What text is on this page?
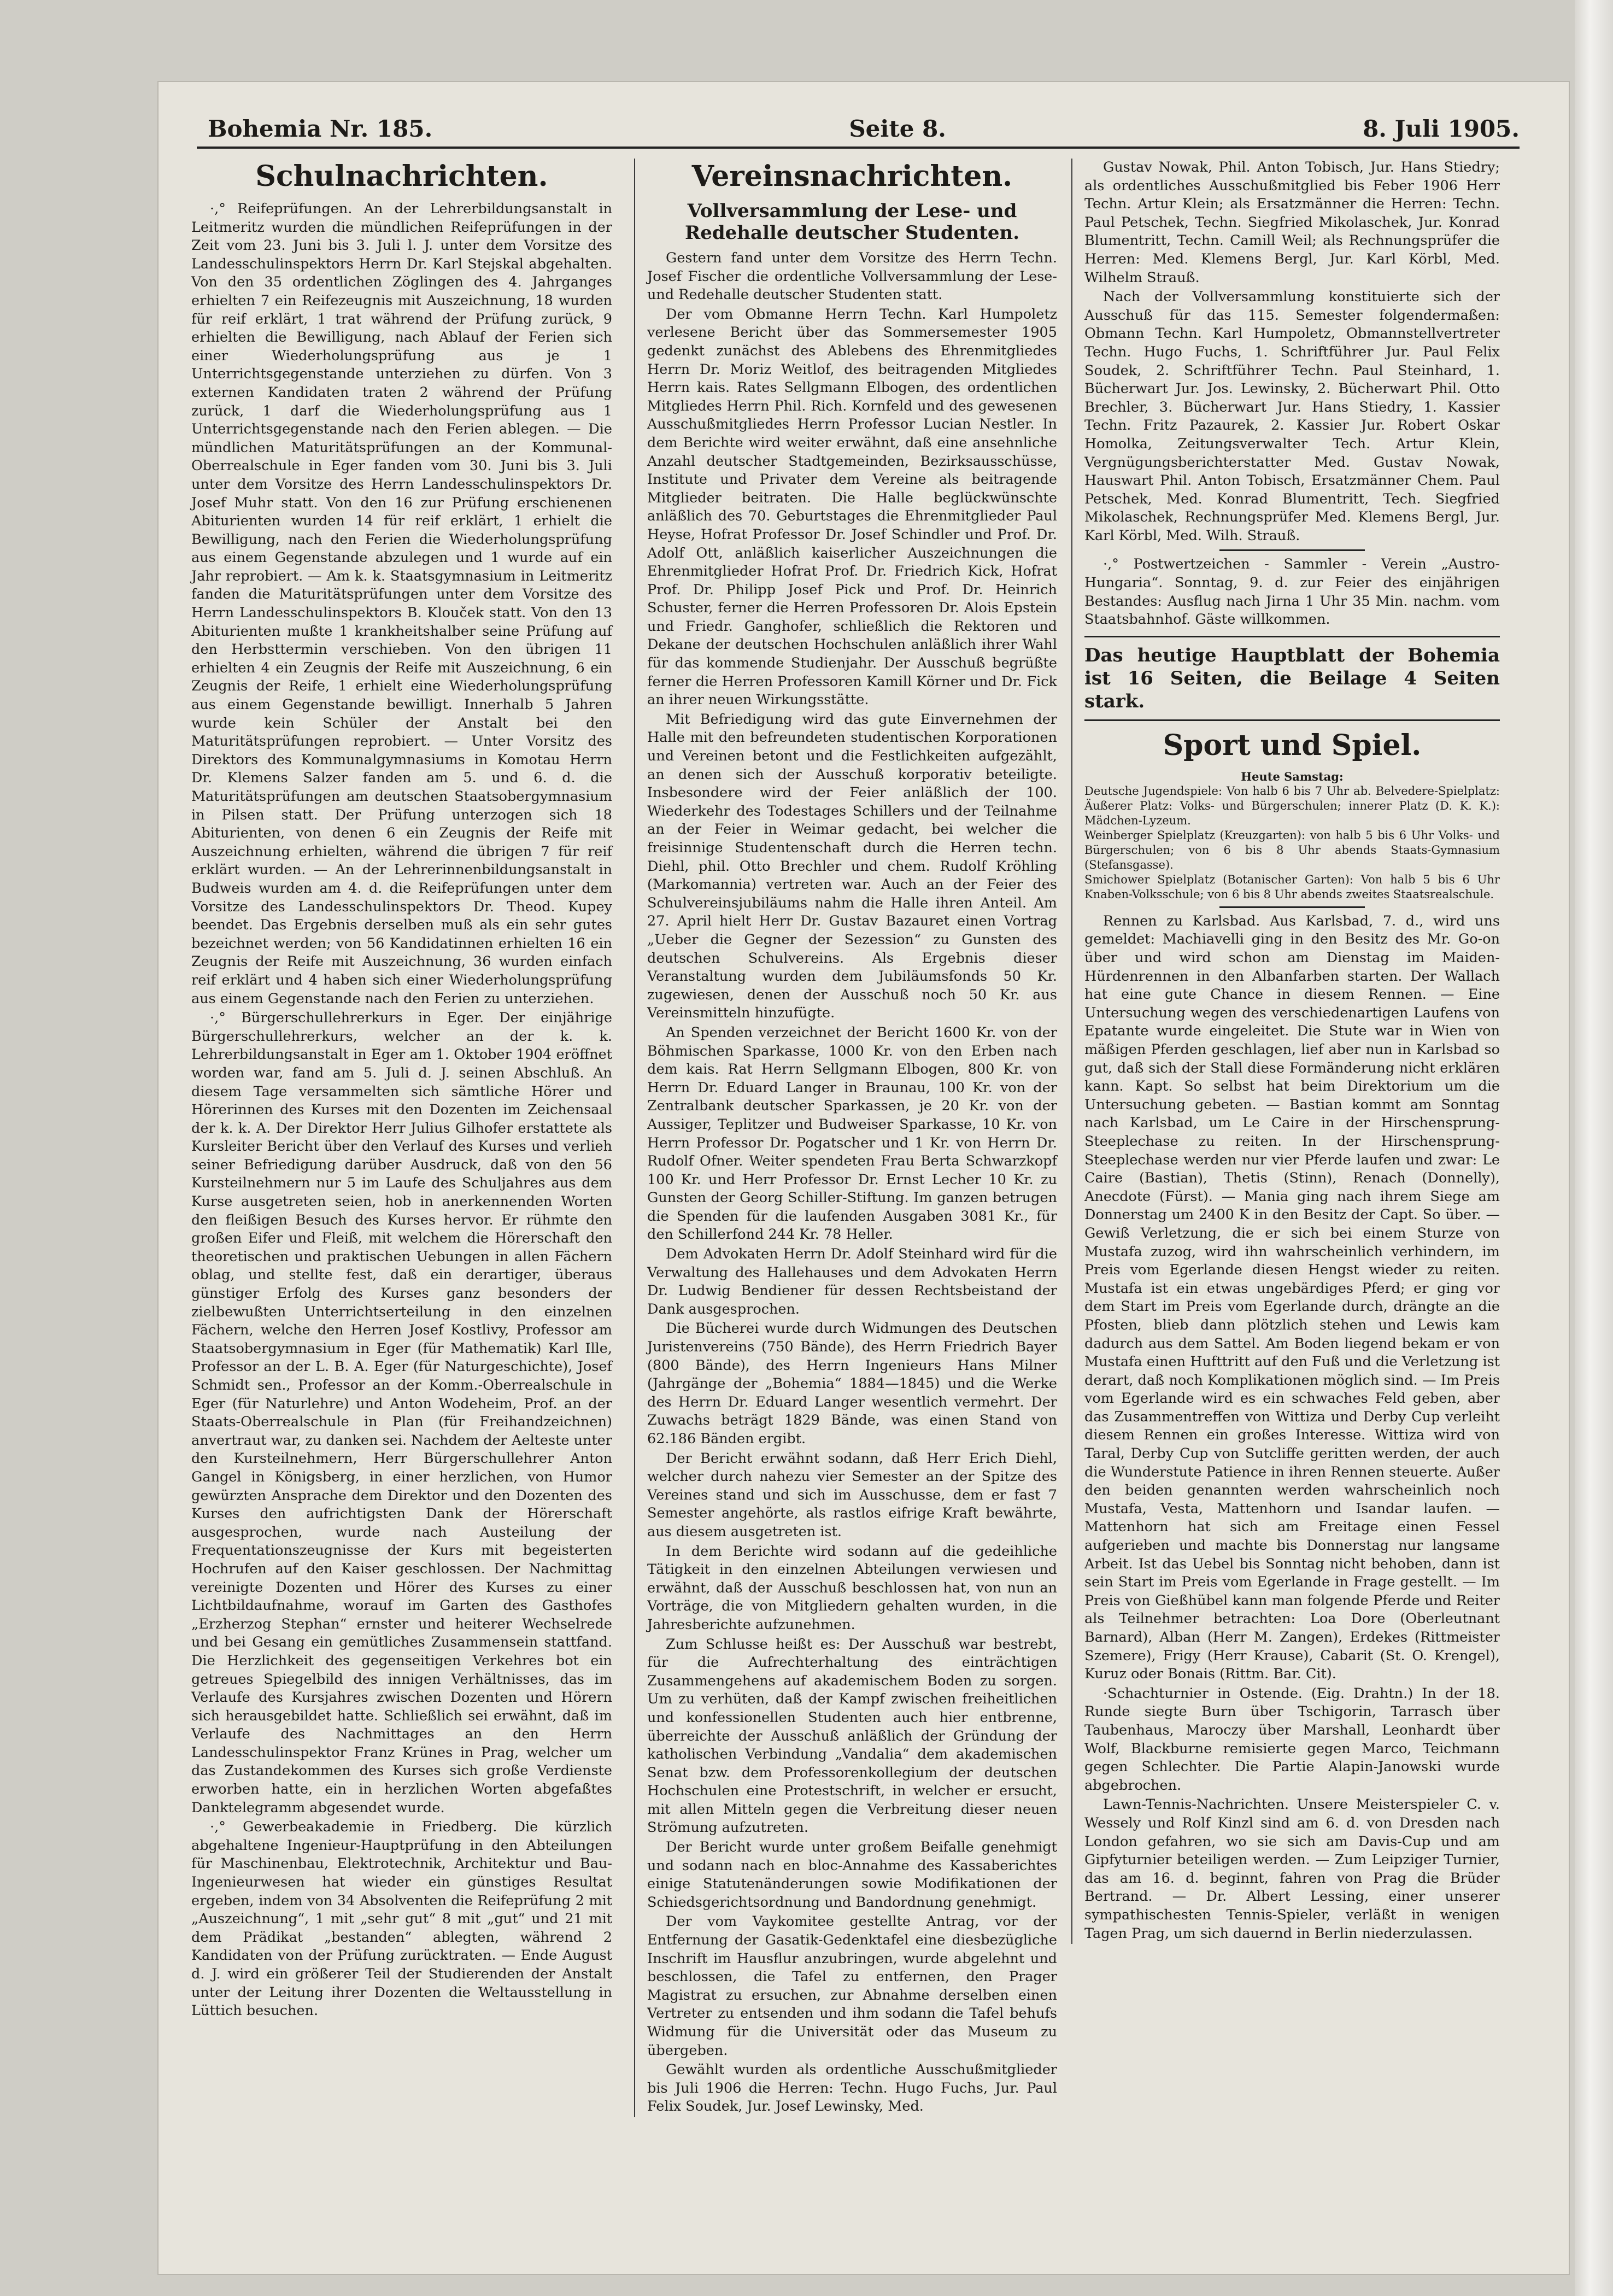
Bohemia Nr. 185.	Seite 8.	8. Juli 1905.

Schulnachrichten.

·,° Reifeprüfungen. An der Lehrerbildungsanstalt in Leitmeritz wurden die mündlichen Reifeprüfungen in der Zeit vom 23. Juni bis 3. Juli l. J. unter dem Vorsitze des Landesschulinspektors Herrn Dr. Karl Stejskal abgehalten. Von den 35 ordentlichen Zöglingen des 4. Jahrganges erhielten 7 ein Reifezeugnis mit Auszeichnung, 18 wurden für reif erklärt, 1 trat während der Prüfung zurück, 9 erhielten die Bewilligung, nach Ablauf der Ferien sich einer Wiederholungsprüfung aus je 1 Unterrichtsgegenstande unterziehen zu dürfen. Von 3 externen Kandidaten traten 2 während der Prüfung zurück, 1 darf die Wiederholungsprüfung aus 1 Unterrichtsgegenstande nach den Ferien ablegen. — Die mündlichen Maturitätsprüfungen an der Kommunal-Oberrealschule in Eger fanden vom 30. Juni bis 3. Juli unter dem Vorsitze des Herrn Landesschulinspektors Dr. Josef Muhr statt. Von den 16 zur Prüfung erschienenen Abiturienten wurden 14 für reif erklärt, 1 erhielt die Bewilligung, nach den Ferien die Wiederholungsprüfung aus einem Gegenstande abzulegen und 1 wurde auf ein Jahr reprobiert. — Am k. k. Staatsgymnasium in Leitmeritz fanden die Maturitätsprüfungen unter dem Vorsitze des Herrn Landesschulinspektors B. Klouček statt. Von den 13 Abiturienten mußte 1 krankheitshalber seine Prüfung auf den Herbsttermin verschieben. Von den übrigen 11 erhielten 4 ein Zeugnis der Reife mit Auszeichnung, 6 ein Zeugnis der Reife, 1 erhielt eine Wiederholungsprüfung aus einem Gegenstande bewilligt. Innerhalb 5 Jahren wurde kein Schüler der Anstalt bei den Maturitätsprüfungen reprobiert. — Unter Vorsitz des Direktors des Kommunalgymnasiums in Komotau Herrn Dr. Klemens Salzer fanden am 5. und 6. d. die Maturitätsprüfungen am deutschen Staatsobergymnasium in Pilsen statt. Der Prüfung unterzogen sich 18 Abiturienten, von denen 6 ein Zeugnis der Reife mit Auszeichnung erhielten, während die übrigen 7 für reif erklärt wurden. — An der Lehrerinnenbildungsanstalt in Budweis wurden am 4. d. die Reifeprüfungen unter dem Vorsitze des Landesschulinspektors Dr. Theod. Kupey beendet. Das Ergebnis derselben muß als ein sehr gutes bezeichnet werden; von 56 Kandidatinnen erhielten 16 ein Zeugnis der Reife mit Auszeichnung, 36 wurden einfach reif erklärt und 4 haben sich einer Wiederholungsprüfung aus einem Gegenstande nach den Ferien zu unterziehen.

·,° Bürgerschullehrerkurs in Eger. Der einjährige Bürgerschullehrerkurs, welcher an der k. k. Lehrerbildungsanstalt in Eger am 1. Oktober 1904 eröffnet worden war, fand am 5. Juli d. J. seinen Abschluß. An diesem Tage versammelten sich sämtliche Hörer und Hörerinnen des Kurses mit den Dozenten im Zeichensaal der k. k. A. Der Direktor Herr Julius Gilhofer erstattete als Kursleiter Bericht über den Verlauf des Kurses und verlieh seiner Befriedigung darüber Ausdruck, daß von den 56 Kursteilnehmern nur 5 im Laufe des Schuljahres aus dem Kurse ausgetreten seien, hob in anerkennenden Worten den fleißigen Besuch des Kurses hervor. Er rühmte den großen Eifer und Fleiß, mit welchem die Hörerschaft den theoretischen und praktischen Uebungen in allen Fächern oblag, und stellte fest, daß ein derartiger, überaus günstiger Erfolg des Kurses ganz besonders der zielbewußten Unterrichtserteilung in den einzelnen Fächern, welche den Herren Josef Kostlivy, Professor am Staatsobergymnasium in Eger (für Mathematik) Karl Ille, Professor an der L. B. A. Eger (für Naturgeschichte), Josef Schmidt sen., Professor an der Komm.-Oberrealschule in Eger (für Naturlehre) und Anton Wodeheim, Prof. an der Staats-Oberrealschule in Plan (für Freihandzeichnen) anvertraut war, zu danken sei. Nachdem der Aelteste unter den Kursteilnehmern, Herr Bürgerschullehrer Anton Gangel in Königsberg, in einer herzlichen, von Humor gewürzten Ansprache dem Direktor und den Dozenten des Kurses den aufrichtigsten Dank der Hörerschaft ausgesprochen, wurde nach Austeilung der Frequentationszeugnisse der Kurs mit begeisterten Hochrufen auf den Kaiser geschlossen. Der Nachmittag vereinigte Dozenten und Hörer des Kurses zu einer Lichtbildaufnahme, worauf im Garten des Gasthofes „Erzherzog Stephan“ ernster und heiterer Wechselrede und bei Gesang ein gemütliches Zusammensein stattfand. Die Herzlichkeit des gegenseitigen Verkehres bot ein getreues Spiegelbild des innigen Verhältnisses, das im Verlaufe des Kursjahres zwischen Dozenten und Hörern sich herausgebildet hatte. Schließlich sei erwähnt, daß im Verlaufe des Nachmittages an den Herrn Landesschulinspektor Franz Krünes in Prag, welcher um das Zustandekommen des Kurses sich große Verdienste erworben hatte, ein in herzlichen Worten abgefaßtes Danktelegramm abgesendet wurde.

·,° Gewerbeakademie in Friedberg. Die kürzlich abgehaltene Ingenieur-Hauptprüfung in den Abteilungen für Maschinenbau, Elektrotechnik, Architektur und Bau-Ingenieurwesen hat wieder ein günstiges Resultat ergeben, indem von 34 Absolventen die Reifeprüfung 2 mit „Auszeichnung“, 1 mit „sehr gut“ 8 mit „gut“ und 21 mit dem Prädikat „bestanden“ ablegten, während 2 Kandidaten von der Prüfung zurücktraten. — Ende August d. J. wird ein größerer Teil der Studierenden der Anstalt unter der Leitung ihrer Dozenten die Weltausstellung in Lüttich besuchen.

Vereinsnachrichten.

Vollversammlung der Lese- und Redehalle deutscher Studenten.

Gestern fand unter dem Vorsitze des Herrn Techn. Josef Fischer die ordentliche Vollversammlung der Lese- und Redehalle deutscher Studenten statt.

Der vom Obmanne Herrn Techn. Karl Humpoletz verlesene Bericht über das Sommersemester 1905 gedenkt zunächst des Ablebens des Ehrenmitgliedes Herrn Dr. Moriz Weitlof, des beitragenden Mitgliedes Herrn kais. Rates Sellgmann Elbogen, des ordentlichen Mitgliedes Herrn Phil. Rich. Kornfeld und des gewesenen Ausschußmitgliedes Herrn Professor Lucian Nestler. In dem Berichte wird weiter erwähnt, daß eine ansehnliche Anzahl deutscher Stadtgemeinden, Bezirksausschüsse, Institute und Privater dem Vereine als beitragende Mitglieder beitraten. Die Halle beglückwünschte anläßlich des 70. Geburtstages die Ehrenmitglieder Paul Heyse, Hofrat Professor Dr. Josef Schindler und Prof. Dr. Adolf Ott, anläßlich kaiserlicher Auszeichnungen die Ehrenmitglieder Hofrat Prof. Dr. Friedrich Kick, Hofrat Prof. Dr. Philipp Josef Pick und Prof. Dr. Heinrich Schuster, ferner die Herren Professoren Dr. Alois Epstein und Friedr. Ganghofer, schließlich die Rektoren und Dekane der deutschen Hochschulen anläßlich ihrer Wahl für das kommende Studienjahr. Der Ausschuß begrüßte ferner die Herren Professoren Kamill Körner und Dr. Fick an ihrer neuen Wirkungsstätte.

Mit Befriedigung wird das gute Einvernehmen der Halle mit den befreundeten studentischen Korporationen und Vereinen betont und die Festlichkeiten aufgezählt, an denen sich der Ausschuß korporativ beteiligte. Insbesondere wird der Feier anläßlich der 100. Wiederkehr des Todestages Schillers und der Teilnahme an der Feier in Weimar gedacht, bei welcher die freisinnige Studentenschaft durch die Herren techn. Diehl, phil. Otto Brechler und chem. Rudolf Kröhling (Markomannia) vertreten war. Auch an der Feier des Schulvereinsjubiläums nahm die Halle ihren Anteil. Am 27. April hielt Herr Dr. Gustav Bazauret einen Vortrag „Ueber die Gegner der Sezession“ zu Gunsten des deutschen Schulvereins. Als Ergebnis dieser Veranstaltung wurden dem Jubiläumsfonds 50 Kr. zugewiesen, denen der Ausschuß noch 50 Kr. aus Vereinsmitteln hinzufügte.

An Spenden verzeichnet der Bericht 1600 Kr. von der Böhmischen Sparkasse, 1000 Kr. von den Erben nach dem kais. Rat Herrn Sellgmann Elbogen, 800 Kr. von Herrn Dr. Eduard Langer in Braunau, 100 Kr. von der Zentralbank deutscher Sparkassen, je 20 Kr. von der Aussiger, Teplitzer und Budweiser Sparkasse, 10 Kr. von Herrn Professor Dr. Pogatscher und 1 Kr. von Herrn Dr. Rudolf Ofner. Weiter spendeten Frau Berta Schwarzkopf 100 Kr. und Herr Professor Dr. Ernst Lecher 10 Kr. zu Gunsten der Georg Schiller-Stiftung. Im ganzen betrugen die Spenden für die laufenden Ausgaben 3081 Kr., für den Schillerfond 244 Kr. 78 Heller.

Dem Advokaten Herrn Dr. Adolf Steinhard wird für die Verwaltung des Hallehauses und dem Advokaten Herrn Dr. Ludwig Bendiener für dessen Rechtsbeistand der Dank ausgesprochen.

Die Bücherei wurde durch Widmungen des Deutschen Juristenvereins (750 Bände), des Herrn Friedrich Bayer (800 Bände), des Herrn Ingenieurs Hans Milner (Jahrgänge der „Bohemia“ 1884—1845) und die Werke des Herrn Dr. Eduard Langer wesentlich vermehrt. Der Zuwachs beträgt 1829 Bände, was einen Stand von 62.186 Bänden ergibt.

Der Bericht erwähnt sodann, daß Herr Erich Diehl, welcher durch nahezu vier Semester an der Spitze des Vereines stand und sich im Ausschusse, dem er fast 7 Semester angehörte, als rastlos eifrige Kraft bewährte, aus diesem ausgetreten ist.

In dem Berichte wird sodann auf die gedeihliche Tätigkeit in den einzelnen Abteilungen verwiesen und erwähnt, daß der Ausschuß beschlossen hat, von nun an Vorträge, die von Mitgliedern gehalten wurden, in die Jahresberichte aufzunehmen.

Zum Schlusse heißt es: Der Ausschuß war bestrebt, für die Aufrechterhaltung des einträchtigen Zusammengehens auf akademischem Boden zu sorgen. Um zu verhüten, daß der Kampf zwischen freiheitlichen und konfessionellen Studenten auch hier entbrenne, überreichte der Ausschuß anläßlich der Gründung der katholischen Verbindung „Vandalia“ dem akademischen Senat bzw. dem Professorenkollegium der deutschen Hochschulen eine Protestschrift, in welcher er ersucht, mit allen Mitteln gegen die Verbreitung dieser neuen Strömung aufzutreten.

Der Bericht wurde unter großem Beifalle genehmigt und sodann nach en bloc-Annahme des Kassaberichtes einige Statutenänderungen sowie Modifikationen der Schiedsgerichtsordnung und Bandordnung genehmigt.

Der vom Vaykomitee gestellte Antrag, vor der Entfernung der Gasatik-Gedenktafel eine diesbezügliche Inschrift im Hausflur anzubringen, wurde abgelehnt und beschlossen, die Tafel zu entfernen, den Prager Magistrat zu ersuchen, zur Abnahme derselben einen Vertreter zu entsenden und ihm sodann die Tafel behufs Widmung für die Universität oder das Museum zu übergeben.

Gewählt wurden als ordentliche Ausschußmitglieder bis Juli 1906 die Herren: Techn. Hugo Fuchs, Jur. Paul Felix Soudek, Jur. Josef Lewinsky, Med.

Gustav Nowak, Phil. Anton Tobisch, Jur. Hans Stiedry; als ordentliches Ausschußmitglied bis Feber 1906 Herr Techn. Artur Klein; als Ersatzmänner die Herren: Techn. Paul Petschek, Techn. Siegfried Mikolaschek, Jur. Konrad Blumentritt, Techn. Camill Weil; als Rechnungsprüfer die Herren: Med. Klemens Bergl, Jur. Karl Körbl, Med. Wilhelm Strauß.

Nach der Vollversammlung konstituierte sich der Ausschuß für das 115. Semester folgendermaßen: Obmann Techn. Karl Humpoletz, Obmannstellvertreter Techn. Hugo Fuchs, 1. Schriftführer Jur. Paul Felix Soudek, 2. Schriftführer Techn. Paul Steinhard, 1. Bücherwart Jur. Jos. Lewinsky, 2. Bücherwart Phil. Otto Brechler, 3. Bücherwart Jur. Hans Stiedry, 1. Kassier Techn. Fritz Pazaurek, 2. Kassier Jur. Robert Oskar Homolka, Zeitungsverwalter Tech. Artur Klein, Vergnügungsberichterstatter Med. Gustav Nowak, Hauswart Phil. Anton Tobisch, Ersatzmänner Chem. Paul Petschek, Med. Konrad Blumentritt, Tech. Siegfried Mikolaschek, Rechnungsprüfer Med. Klemens Bergl, Jur. Karl Körbl, Med. Wilh. Strauß.

·,° Postwertzeichen - Sammler - Verein „Austro-Hungaria“. Sonntag, 9. d. zur Feier des einjährigen Bestandes: Ausflug nach Jirna 1 Uhr 35 Min. nachm. vom Staatsbahnhof. Gäste willkommen.

Das heutige Hauptblatt der Bohemia ist 16 Seiten, die Beilage 4 Seiten stark.

Sport und Spiel.

Heute Samstag:

Deutsche Jugendspiele: Von halb 6 bis 7 Uhr ab. Belvedere-Spielplatz: Äußerer Platz: Volks- und Bürgerschulen; innerer Platz (D. K. K.): Mädchen-Lyzeum.

Weinberger Spielplatz (Kreuzgarten): von halb 5 bis 6 Uhr Volks- und Bürgerschulen; von 6 bis 8 Uhr abends Staats-Gymnasium (Stefansgasse).

Smichower Spielplatz (Botanischer Garten): Von halb 5 bis 6 Uhr Knaben-Volksschule; von 6 bis 8 Uhr abends zweites Staatsrealschule.

Rennen zu Karlsbad. Aus Karlsbad, 7. d., wird uns gemeldet: Machiavelli ging in den Besitz des Mr. Go-on über und wird schon am Dienstag im Maiden-Hürdenrennen in den Albanfarben starten. Der Wallach hat eine gute Chance in diesem Rennen. — Eine Untersuchung wegen des verschiedenartigen Laufens von Epatante wurde eingeleitet. Die Stute war in Wien von mäßigen Pferden geschlagen, lief aber nun in Karlsbad so gut, daß sich der Stall diese Formänderung nicht erklären kann. Kapt. So selbst hat beim Direktorium um die Untersuchung gebeten. — Bastian kommt am Sonntag nach Karlsbad, um Le Caire in der Hirschensprung-Steeplechase zu reiten. In der Hirschensprung-Steeplechase werden nur vier Pferde laufen und zwar: Le Caire (Bastian), Thetis (Stinn), Renach (Donnelly), Anecdote (Fürst). — Mania ging nach ihrem Siege am Donnerstag um 2400 K in den Besitz der Capt. So über. — Gewiß Verletzung, die er sich bei einem Sturze von Mustafa zuzog, wird ihn wahrscheinlich verhindern, im Preis vom Egerlande diesen Hengst wieder zu reiten. Mustafa ist ein etwas ungebärdiges Pferd; er ging vor dem Start im Preis vom Egerlande durch, drängte an die Pfosten, blieb dann plötzlich stehen und Lewis kam dadurch aus dem Sattel. Am Boden liegend bekam er von Mustafa einen Hufttritt auf den Fuß und die Verletzung ist derart, daß noch Komplikationen möglich sind. — Im Preis vom Egerlande wird es ein schwaches Feld geben, aber das Zusammentreffen von Wittiza und Derby Cup verleiht diesem Rennen ein großes Interesse. Wittiza wird von Taral, Derby Cup von Sutcliffe geritten werden, der auch die Wunderstute Patience in ihren Rennen steuerte. Außer den beiden genannten werden wahrscheinlich noch Mustafa, Vesta, Mattenhorn und Isandar laufen. — Mattenhorn hat sich am Freitage einen Fessel aufgerieben und machte bis Donnerstag nur langsame Arbeit. Ist das Uebel bis Sonntag nicht behoben, dann ist sein Start im Preis vom Egerlande in Frage gestellt. — Im Preis von Gießhübel kann man folgende Pferde und Reiter als Teilnehmer betrachten: Loa Dore (Oberleutnant Barnard), Alban (Herr M. Zangen), Erdekes (Rittmeister Szemere), Frigy (Herr Krause), Cabarit (St. O. Krengel), Kuruz oder Bonais (Rittm. Bar. Cit).

·Schachturnier in Ostende. (Eig. Drahtn.) In der 18. Runde siegte Burn über Tschigorin, Tarrasch über Taubenhaus, Maroczy über Marshall, Leonhardt über Wolf, Blackburne remisierte gegen Marco, Teichmann gegen Schlechter. Die Partie Alapin-Janowski wurde abgebrochen.

Lawn-Tennis-Nachrichten. Unsere Meisterspieler C. v. Wessely und Rolf Kinzl sind am 6. d. von Dresden nach London gefahren, wo sie sich am Davis-Cup und am Gipfyturnier beteiligen werden. — Zum Leipziger Turnier, das am 16. d. beginnt, fahren von Prag die Brüder Bertrand. — Dr. Albert Lessing, einer unserer sympathischesten Tennis-Spieler, verläßt in wenigen Tagen Prag, um sich dauernd in Berlin niederzulassen.
